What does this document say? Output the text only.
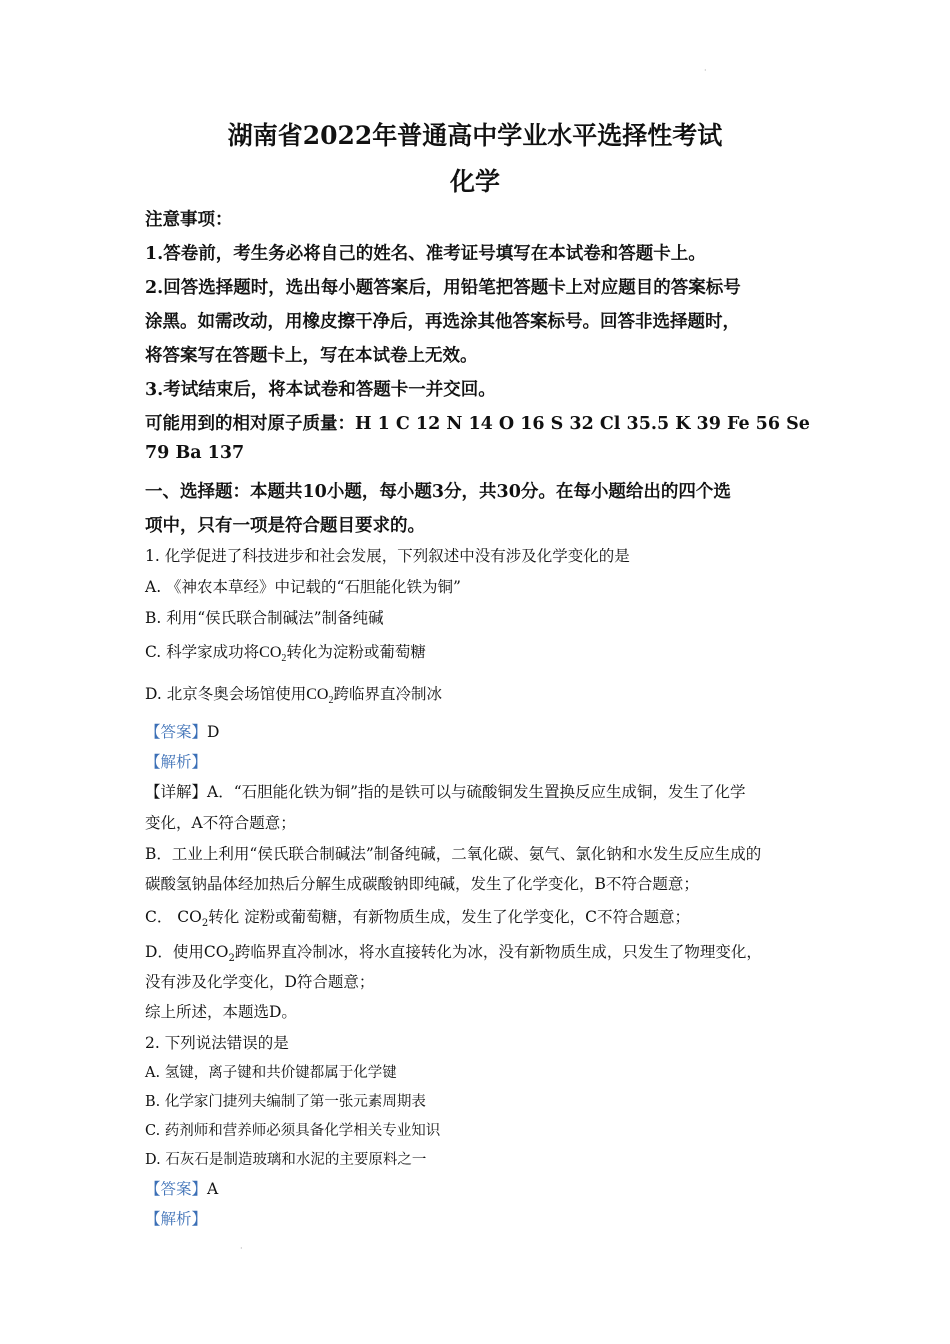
·
·
湖南省2022年普通高中学业水平选择性考试
化学
注意事项：
1.答卷前，考生务必将自己的姓名、准考证号填写在本试卷和答题卡上。
2.回答选择题时，选出每小题答案后，用铅笔把答题卡上对应题目的答案标号
涂黑。如需改动，用橡皮擦干净后，再选涂其他答案标号。回答非选择题时，
将答案写在答题卡上，写在本试卷上无效。
3.考试结束后，将本试卷和答题卡一并交回。
可能用到的相对原子质量：H 1 C 12 N 14 O 16 S 32 Cl 35.5 K 39 Fe 56 Se
79 Ba 137
一、选择题：本题共10小题，每小题3分，共30分。在每小题给出的四个选
项中，只有一项是符合题目要求的。
1. 化学促进了科技进步和社会发展，下列叙述中没有涉及化学变化的是
A. 《神农本草经》中记载的“石胆能化铁为铜”
B. 利用“侯氏联合制碱法”制备纯碱
C. 科学家成功将$CO_2$转化为淀粉或葡萄糖
D. 北京冬奥会场馆使用$CO_2$跨临界直冷制冰
【答案】D
【解析】
【详解】A．“石胆能化铁为铜”指的是铁可以与硫酸铜发生置换反应生成铜，发生了化学
变化，A不符合题意；
B．工业上利用“侯氏联合制碱法”制备纯碱，二氧化碳、氨气、氯化钠和水发生反应生成的
碳酸氢钠晶体经加热后分解生成碳酸钠即纯碱，发生了化学变化，B不符合题意；
C． $CO_2$转化 淀粉或葡萄糖，有新物质生成，发生了化学变化，C不符合题意；
D．使用$CO_2$跨临界直冷制冰，将水直接转化为冰，没有新物质生成，只发生了物理变化，
没有涉及化学变化，D符合题意；
综上所述，本题选D。
2. 下列说法错误的是
A. 氢键，离子键和共价键都属于化学键
B. 化学家门捷列夫编制了第一张元素周期表
C. 药剂师和营养师必须具备化学相关专业知识
D. 石灰石是制造玻璃和水泥的主要原料之一
【答案】A
【解析】
